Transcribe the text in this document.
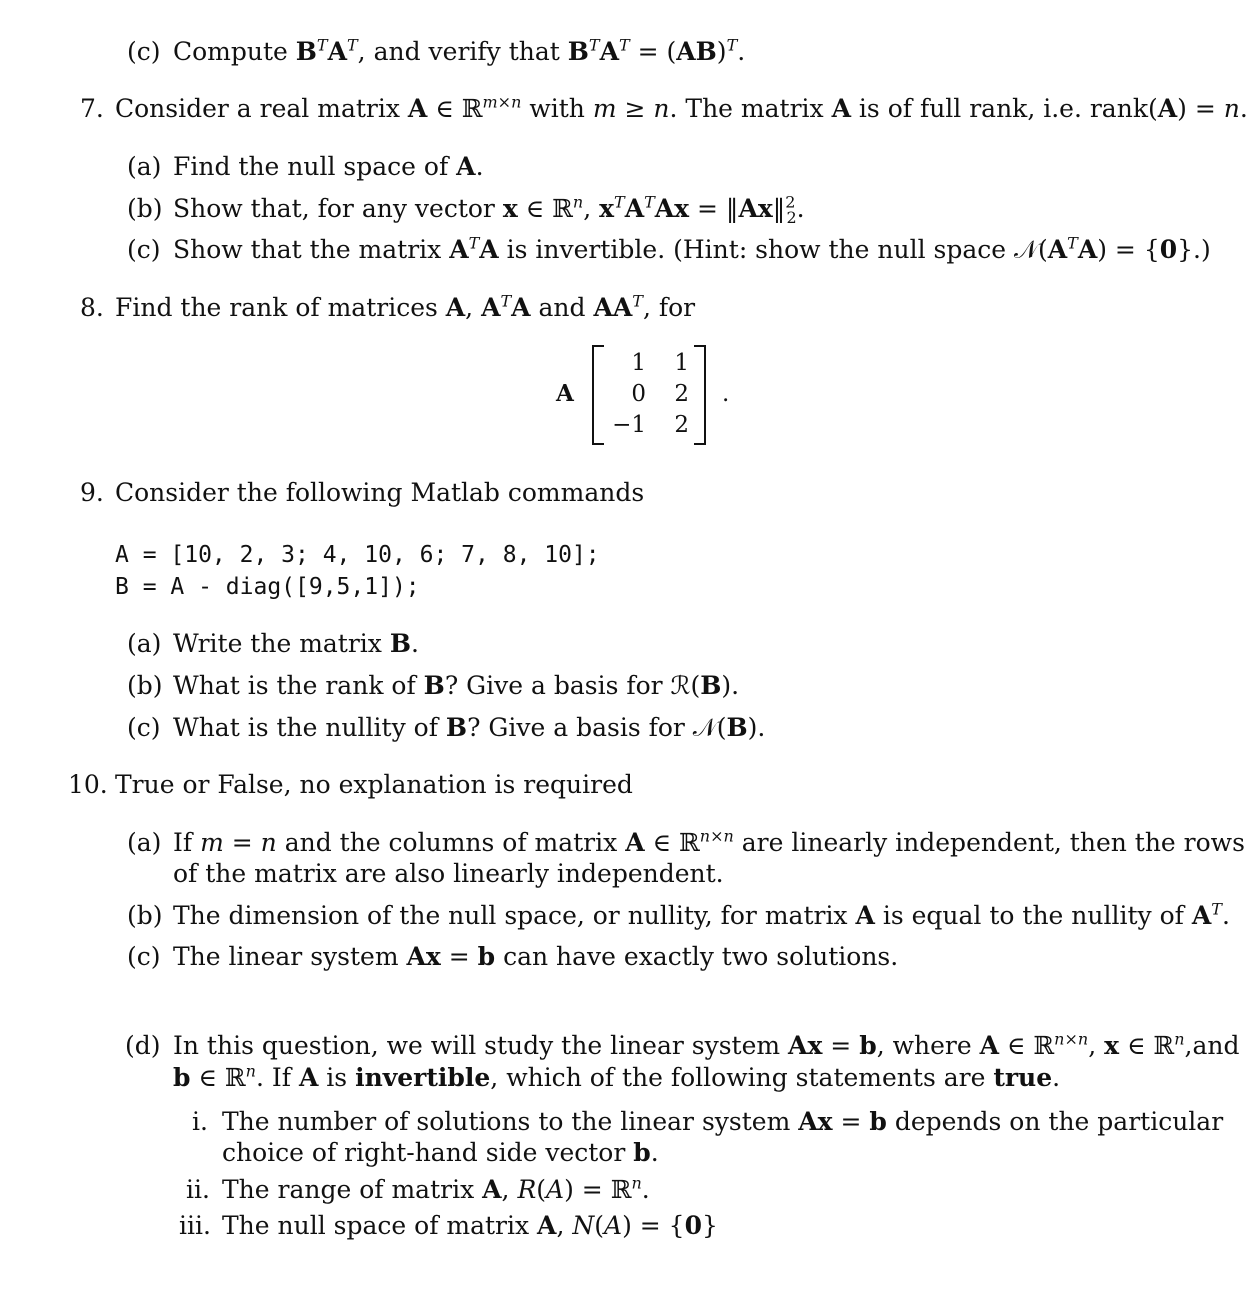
(c) Compute $B^TA^T$, and verify that $B^TA^T = (AB)^T$.
7. Consider a real matrix A ∈ ℝ$^{m\times n}$ with m ≥ n. The matrix A is of full rank, i.e. rank(A) = n.
(a) Find the null space of A.
(b) Show that, for any vector x ∈ ℝ$^n$, $x^TA^TAx$ = ‖Ax‖$^2_2$.
(c) Show that the matrix $A^TA$ is invertible. (Hint: show the null space $𝒩(A^TA) = \{0\}$.)
8. Find the rank of matrices A, $A^TA$ and $AA^T$, for
A
1	1
0	2
−1	2
.
9. Consider the following Matlab commands
A = [10, 2, 3; 4, 10, 6; 7, 8, 10];
B = A - diag([9,5,1]);
(a) Write the matrix B.
(b) What is the rank of B? Give a basis for ℛ(B).
(c) What is the nullity of B? Give a basis for 𝒩(B).
10. True or False, no explanation is required
(a) If m = n and the columns of matrix A ∈ ℝ$^{n\times n}$ are linearly independent, then the rows
of the matrix are also linearly independent.
(b) The dimension of the null space, or nullity, for matrix A is equal to the nullity of $A^T$.
(c) The linear system Ax = b can have exactly two solutions.
(d) In this question, we will study the linear system Ax = b, where A ∈ ℝ$^{n\times n}$, x ∈ ℝ$^n$,and
b ∈ ℝ$^n$. If A is invertible, which of the following statements are true.
i. The number of solutions to the linear system Ax = b depends on the particular
choice of right-hand side vector b.
ii. The range of matrix A, R(A) = ℝ$^n$.
iii. The null space of matrix A, N(A) = {0}
